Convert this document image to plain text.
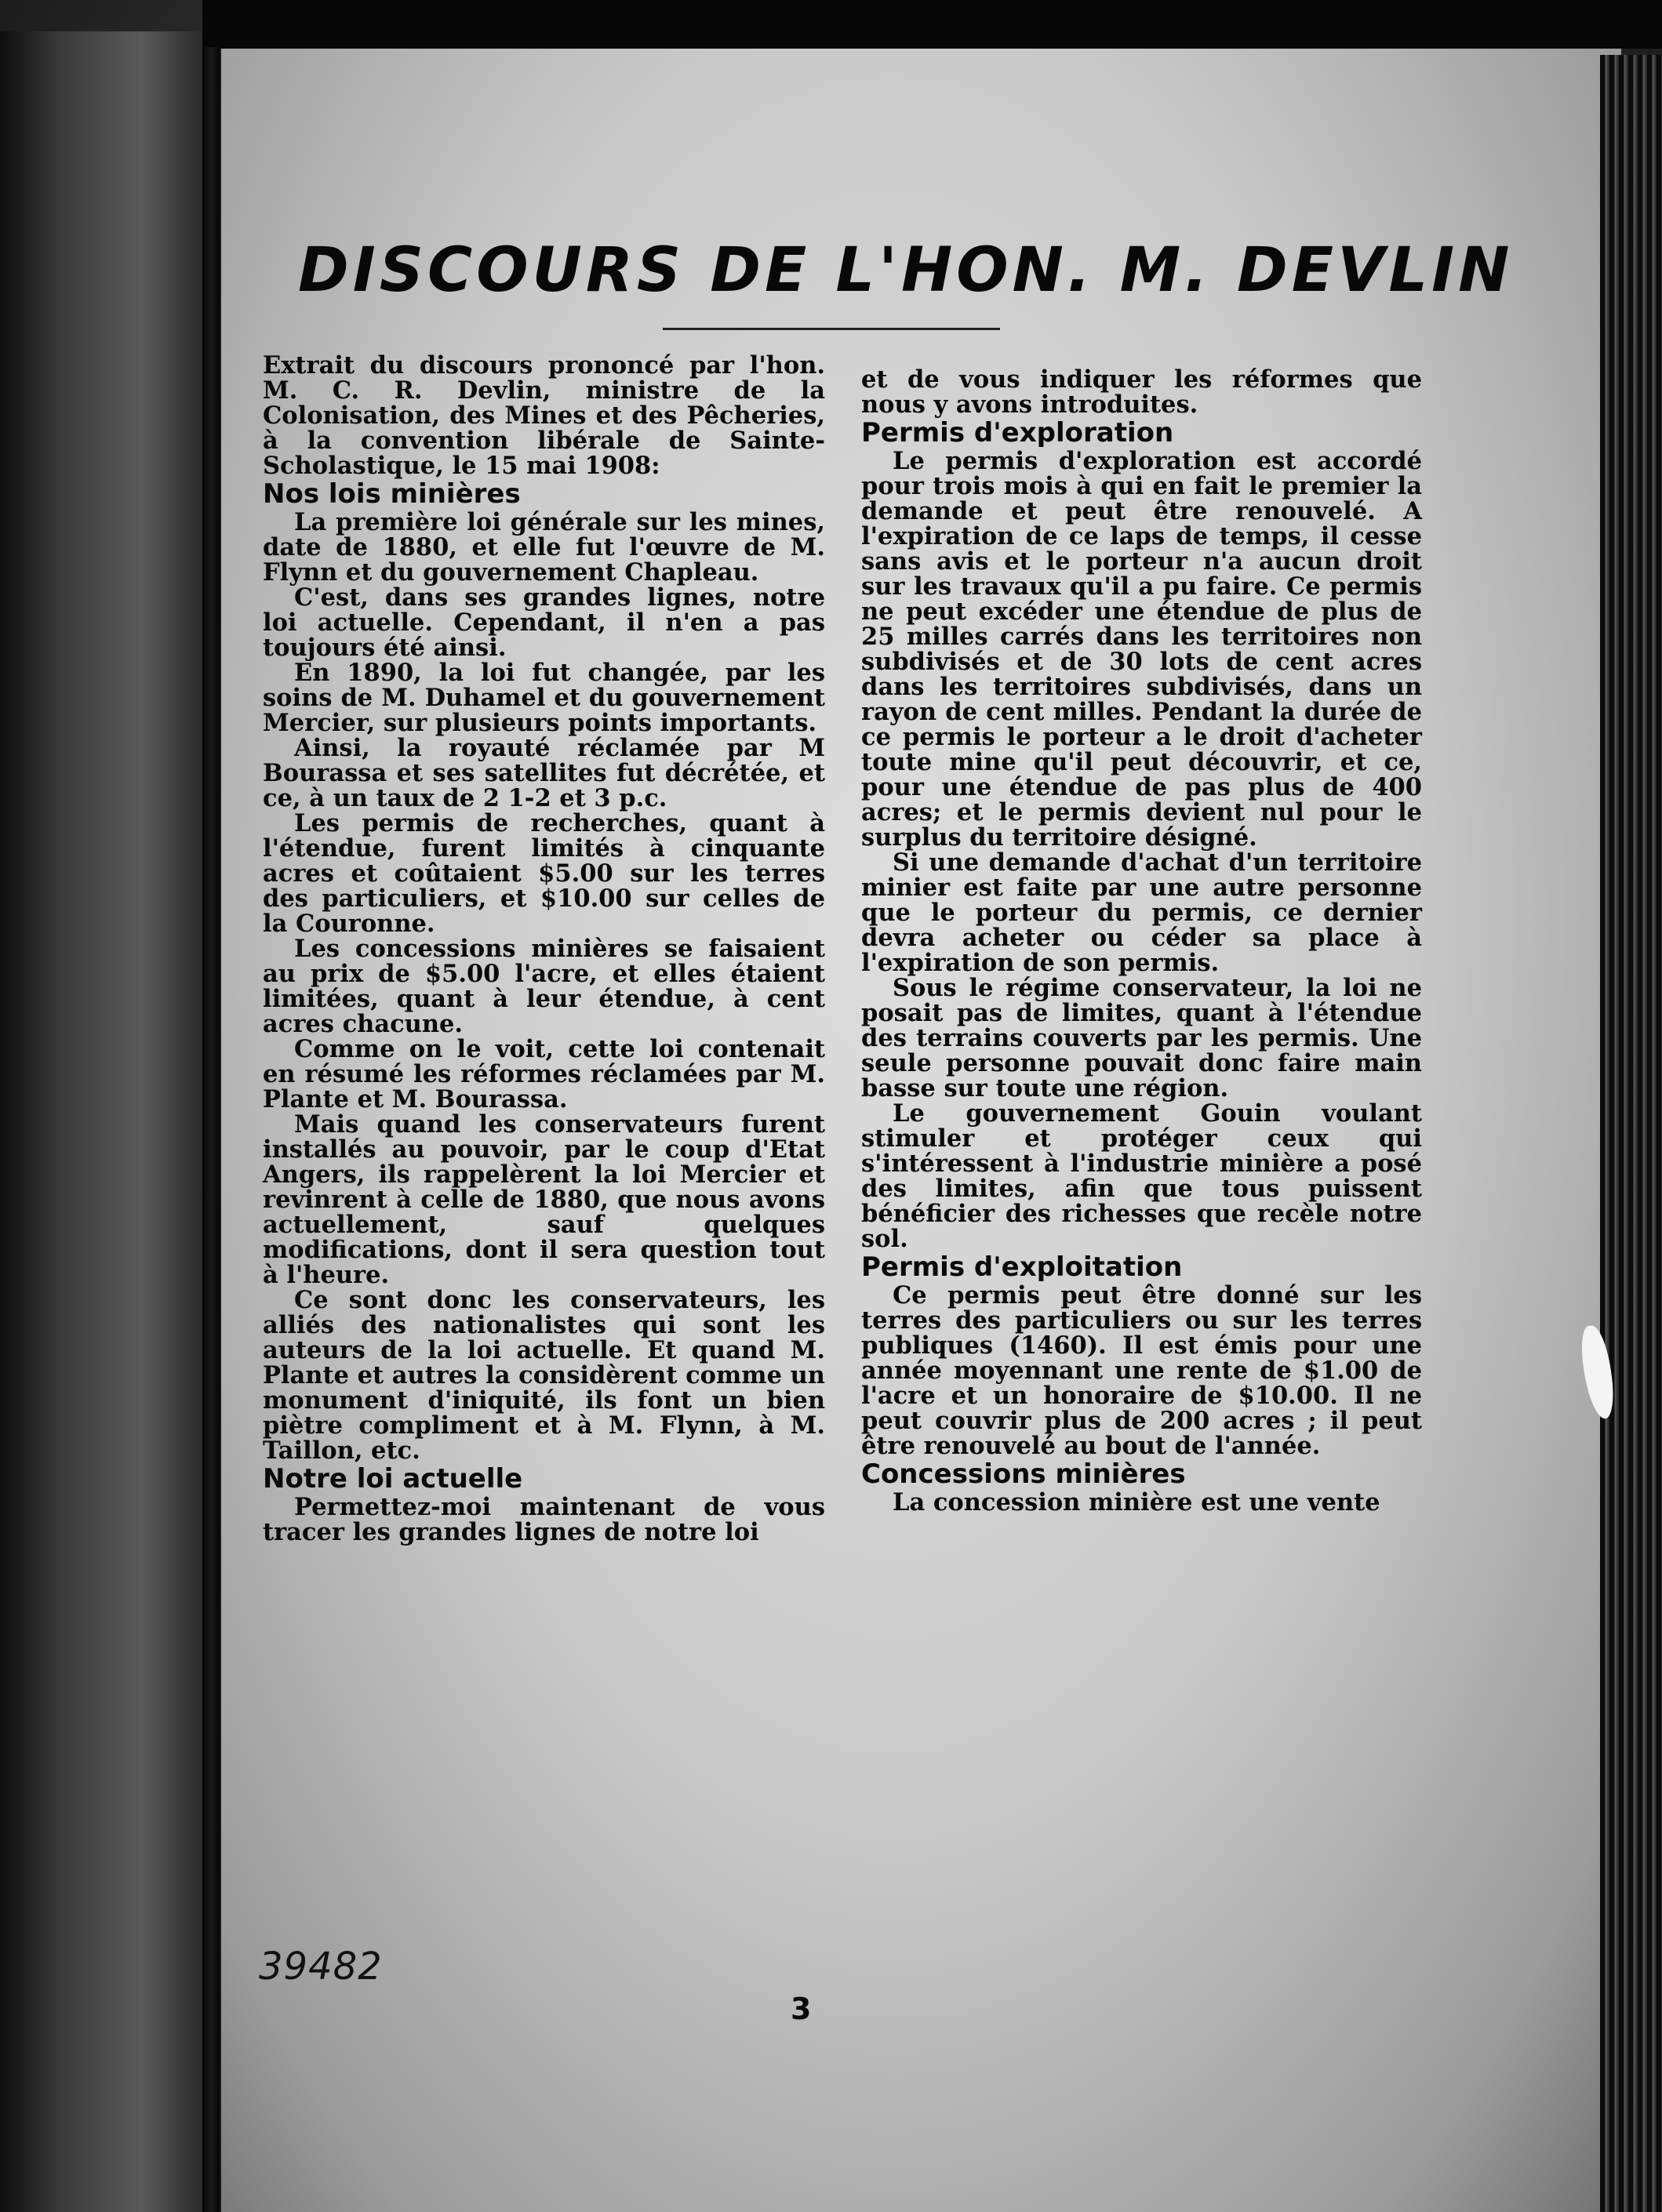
DISCOURS DE L'HON. M. DEVLIN

Extrait du discours prononcé par l'hon. M. C. R. Devlin, ministre de la Colonisation, des Mines et des Pêcheries, à la convention libérale de Sainte-Scholastique, le 15 mai 1908:

Nos lois minières

La première loi générale sur les mines, date de 1880, et elle fut l'œuvre de M. Flynn et du gouvernement Chapleau.

C'est, dans ses grandes lignes, notre loi actuelle. Cependant, il n'en a pas toujours été ainsi.

En 1890, la loi fut changée, par les soins de M. Duhamel et du gouvernement Mercier, sur plusieurs points importants.

Ainsi, la royauté réclamée par M Bourassa et ses satellites fut décrétée, et ce, à un taux de 2 1-2 et 3 p.c.

Les permis de recherches, quant à l'étendue, furent limités à cinquante acres et coûtaient $5.00 sur les terres des particuliers, et $10.00 sur celles de la Couronne.

Les concessions minières se faisaient au prix de $5.00 l'acre, et elles étaient limitées, quant à leur étendue, à cent acres chacune.

Comme on le voit, cette loi contenait en résumé les réformes réclamées par M. Plante et M. Bourassa.

Mais quand les conservateurs furent installés au pouvoir, par le coup d'Etat Angers, ils rappelèrent la loi Mercier et revinrent à celle de 1880, que nous avons actuellement, sauf quelques modifications, dont il sera question tout à l'heure.

Ce sont donc les conservateurs, les alliés des nationalistes qui sont les auteurs de la loi actuelle. Et quand M. Plante et autres la considèrent comme un monument d'iniquité, ils font un bien piètre compliment et à M. Flynn, à M. Taillon, etc.

Notre loi actuelle

Permettez-moi maintenant de vous tracer les grandes lignes de notre loi

et de vous indiquer les réformes que nous y avons introduites.

Permis d'exploration

Le permis d'exploration est accordé pour trois mois à qui en fait le premier la demande et peut être renouvelé. A l'expiration de ce laps de temps, il cesse sans avis et le porteur n'a aucun droit sur les travaux qu'il a pu faire. Ce permis ne peut excéder une étendue de plus de 25 milles carrés dans les territoires non subdivisés et de 30 lots de cent acres dans les territoires subdivisés, dans un rayon de cent milles. Pendant la durée de ce permis le porteur a le droit d'acheter toute mine qu'il peut découvrir, et ce, pour une étendue de pas plus de 400 acres; et le permis devient nul pour le surplus du territoire désigné.

Si une demande d'achat d'un territoire minier est faite par une autre personne que le porteur du permis, ce dernier devra acheter ou céder sa place à l'expiration de son permis.

Sous le régime conservateur, la loi ne posait pas de limites, quant à l'étendue des terrains couverts par les permis. Une seule personne pouvait donc faire main basse sur toute une région.

Le gouvernement Gouin voulant stimuler et protéger ceux qui s'intéressent à l'industrie minière a posé des limites, afin que tous puissent bénéficier des richesses que recèle notre sol.

Permis d'exploitation

Ce permis peut être donné sur les terres des particuliers ou sur les terres publiques (1460). Il est émis pour une année moyennant une rente de $1.00 de l'acre et un honoraire de $10.00. Il ne peut couvrir plus de 200 acres ; il peut être renouvelé au bout de l'année.

Concessions minières

La concession minière est une vente

39482
3
